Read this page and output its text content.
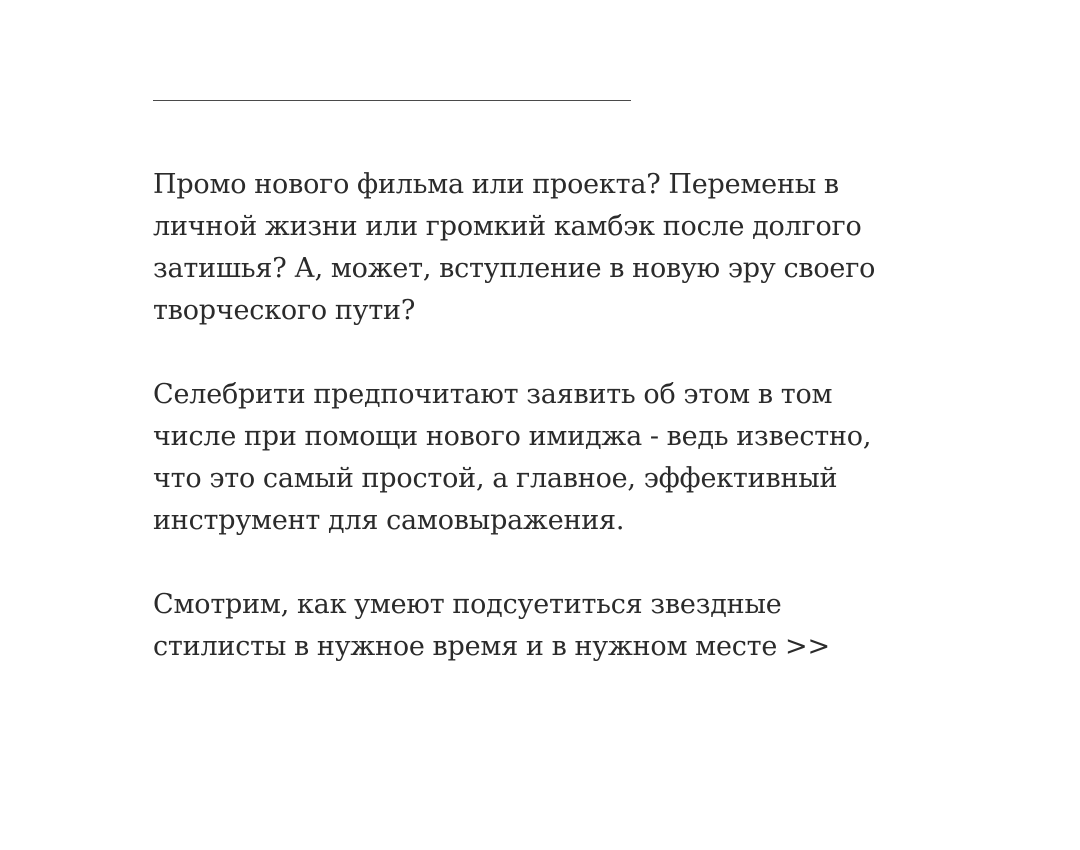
Промо нового фильма или проекта? Перемены в
личной жизни или громкий камбэк после долгого
затишья? А, может, вступление в новую эру своего
творческого пути?

Селебрити предпочитают заявить об этом в том
числе при помощи нового имиджа - ведь известно,
что это самый простой, а главное, эффективный
инструмент для самовыражения.

Смотрим, как умеют подсуетиться звездные
стилисты в нужное время и в нужном месте >>
